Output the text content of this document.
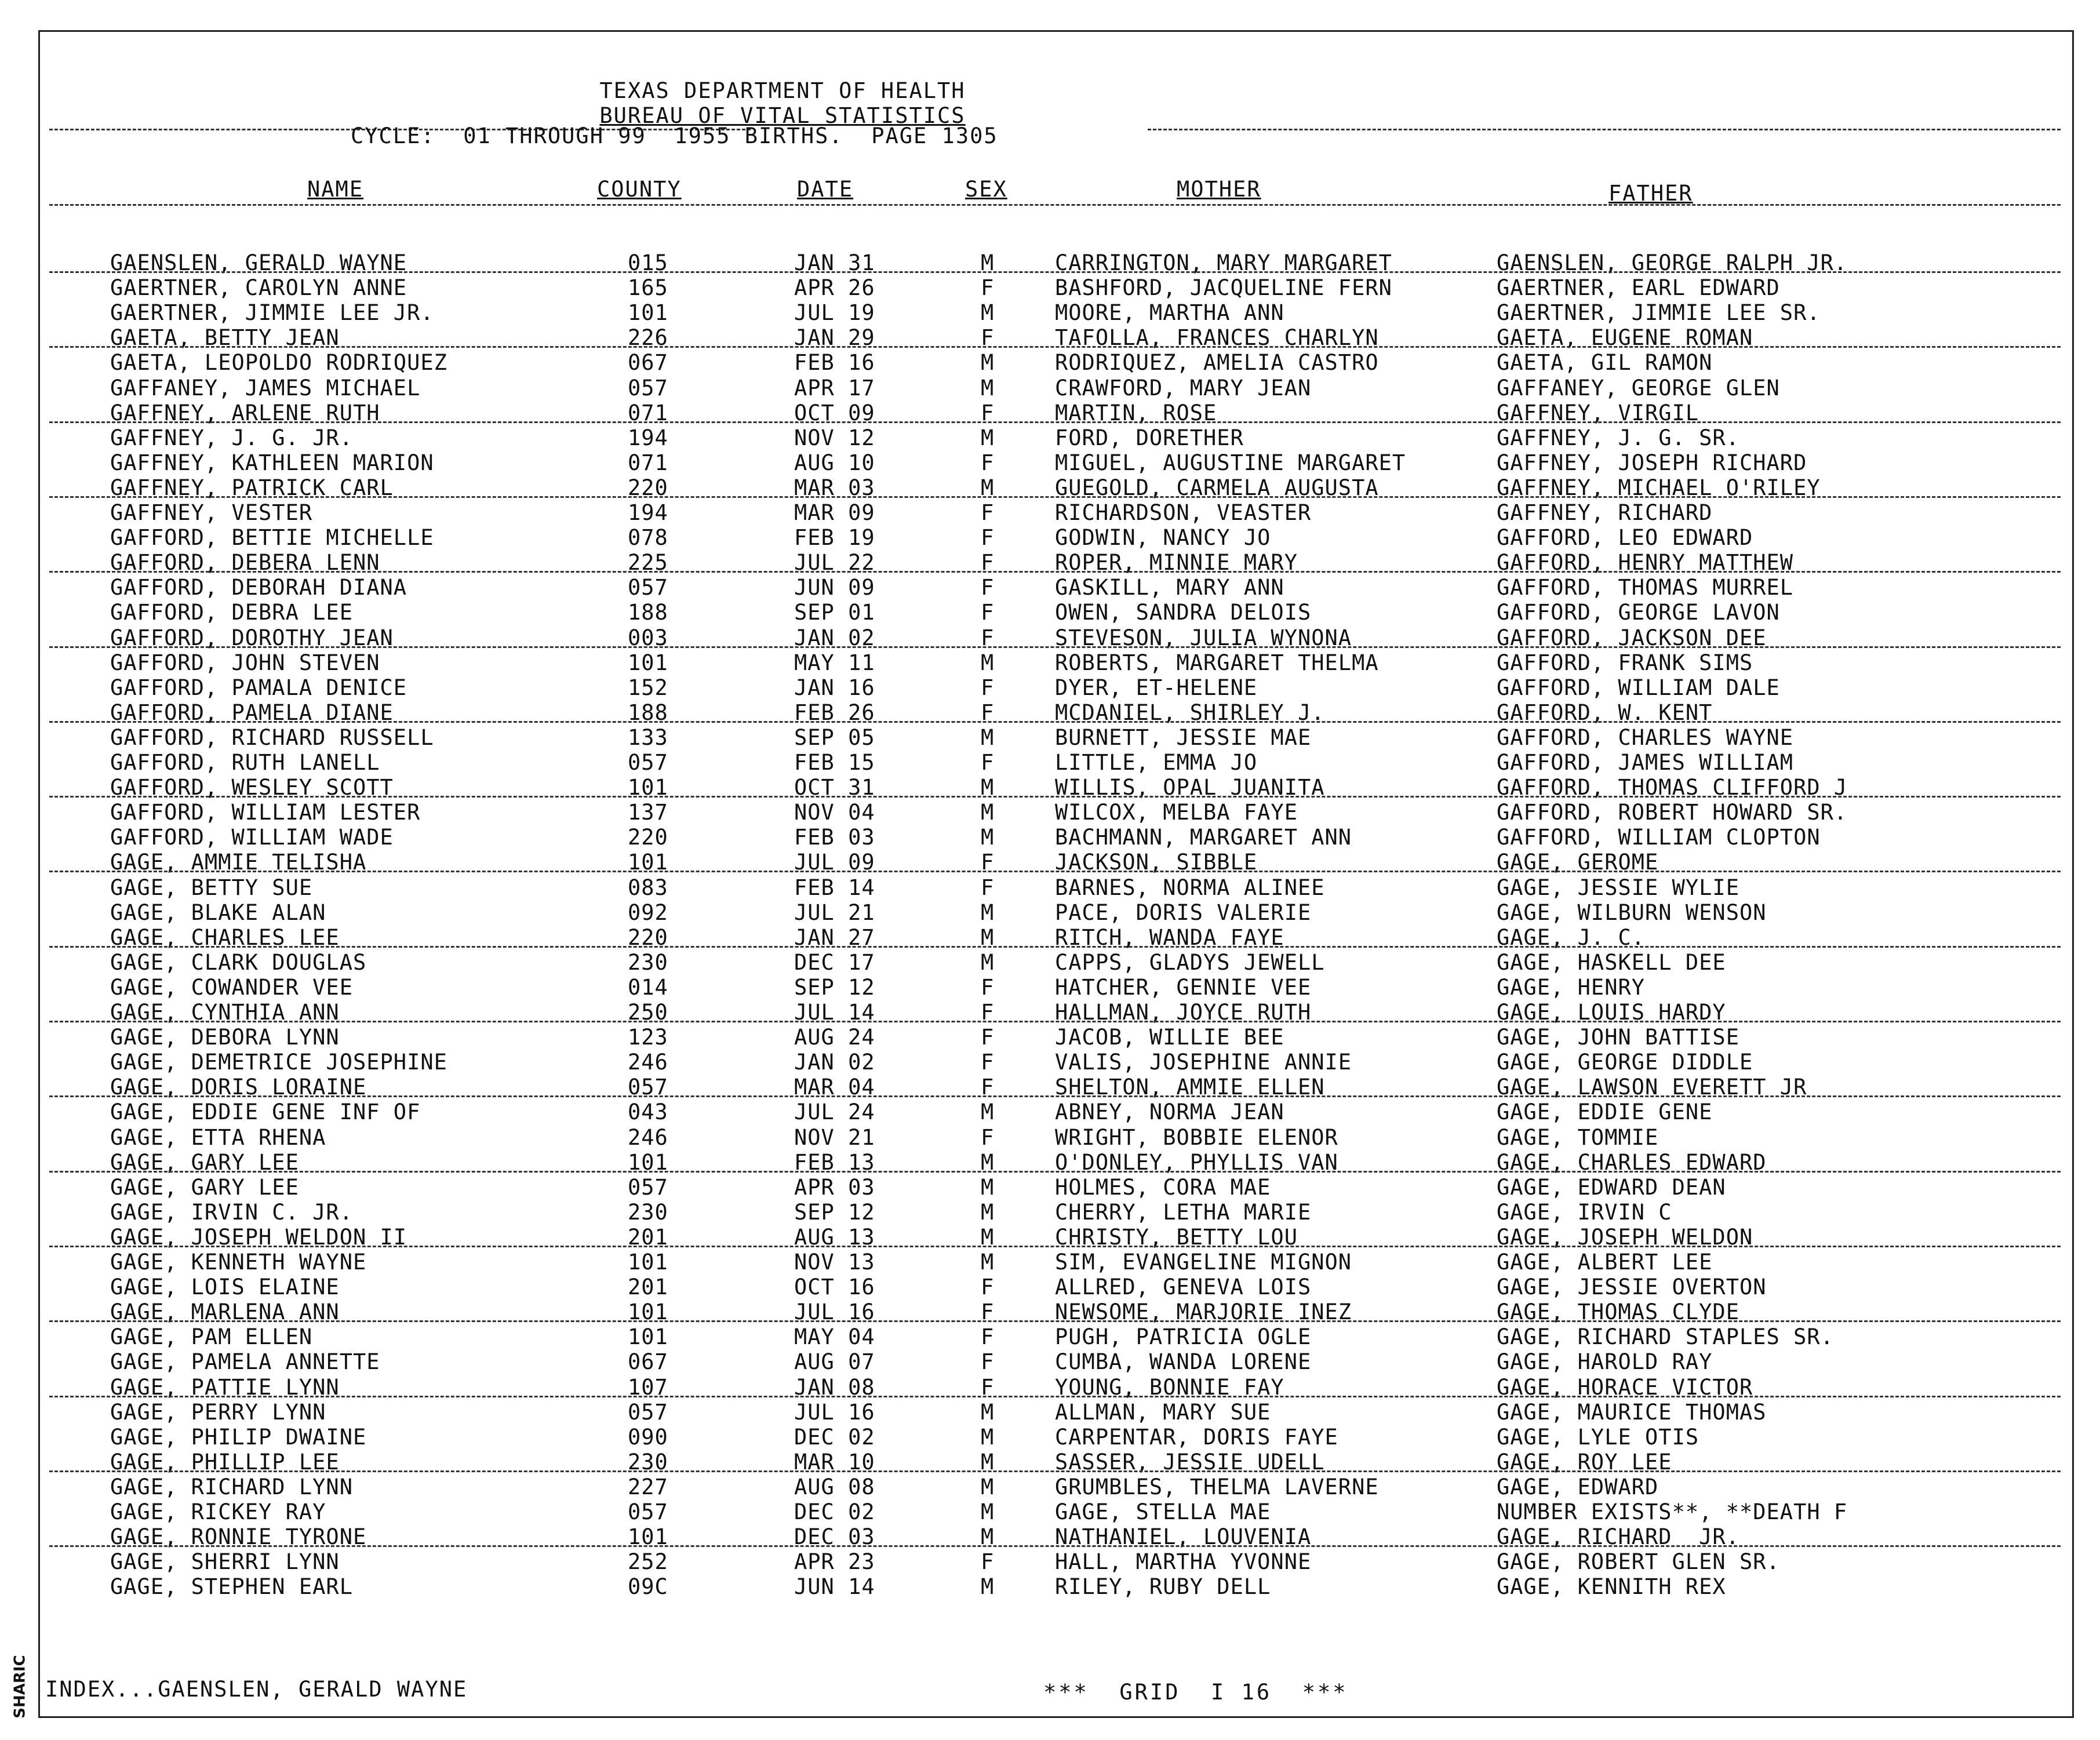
TEXAS DEPARTMENT OF HEALTH
BUREAU OF VITAL STATISTICS
CYCLE:  01 THROUGH 99  1955 BIRTHS.  PAGE 1305
NAME	COUNTY	DATE	SEX	MOTHER	FATHER
GAENSLEN, GERALD WAYNE	015	JAN 31	M	CARRINGTON, MARY MARGARET	GAENSLEN, GEORGE RALPH JR.
GAERTNER, CAROLYN ANNE	165	APR 26	F	BASHFORD, JACQUELINE FERN	GAERTNER, EARL EDWARD
GAERTNER, JIMMIE LEE JR.	101	JUL 19	M	MOORE, MARTHA ANN	GAERTNER, JIMMIE LEE SR.
GAETA, BETTY JEAN	226	JAN 29	F	TAFOLLA, FRANCES CHARLYN	GAETA, EUGENE ROMAN
GAETA, LEOPOLDO RODRIQUEZ	067	FEB 16	M	RODRIQUEZ, AMELIA CASTRO	GAETA, GIL RAMON
GAFFANEY, JAMES MICHAEL	057	APR 17	M	CRAWFORD, MARY JEAN	GAFFANEY, GEORGE GLEN
GAFFNEY, ARLENE RUTH	071	OCT 09	F	MARTIN, ROSE	GAFFNEY, VIRGIL
GAFFNEY, J. G. JR.	194	NOV 12	M	FORD, DORETHER	GAFFNEY, J. G. SR.
GAFFNEY, KATHLEEN MARION	071	AUG 10	F	MIGUEL, AUGUSTINE MARGARET	GAFFNEY, JOSEPH RICHARD
GAFFNEY, PATRICK CARL	220	MAR 03	M	GUEGOLD, CARMELA AUGUSTA	GAFFNEY, MICHAEL O'RILEY
GAFFNEY, VESTER	194	MAR 09	F	RICHARDSON, VEASTER	GAFFNEY, RICHARD
GAFFORD, BETTIE MICHELLE	078	FEB 19	F	GODWIN, NANCY JO	GAFFORD, LEO EDWARD
GAFFORD, DEBERA LENN	225	JUL 22	F	ROPER, MINNIE MARY	GAFFORD, HENRY MATTHEW
GAFFORD, DEBORAH DIANA	057	JUN 09	F	GASKILL, MARY ANN	GAFFORD, THOMAS MURREL
GAFFORD, DEBRA LEE	188	SEP 01	F	OWEN, SANDRA DELOIS	GAFFORD, GEORGE LAVON
GAFFORD, DOROTHY JEAN	003	JAN 02	F	STEVESON, JULIA WYNONA	GAFFORD, JACKSON DEE
GAFFORD, JOHN STEVEN	101	MAY 11	M	ROBERTS, MARGARET THELMA	GAFFORD, FRANK SIMS
GAFFORD, PAMALA DENICE	152	JAN 16	F	DYER, ET-HELENE	GAFFORD, WILLIAM DALE
GAFFORD, PAMELA DIANE	188	FEB 26	F	MCDANIEL, SHIRLEY J.	GAFFORD, W. KENT
GAFFORD, RICHARD RUSSELL	133	SEP 05	M	BURNETT, JESSIE MAE	GAFFORD, CHARLES WAYNE
GAFFORD, RUTH LANELL	057	FEB 15	F	LITTLE, EMMA JO	GAFFORD, JAMES WILLIAM
GAFFORD, WESLEY SCOTT	101	OCT 31	M	WILLIS, OPAL JUANITA	GAFFORD, THOMAS CLIFFORD J
GAFFORD, WILLIAM LESTER	137	NOV 04	M	WILCOX, MELBA FAYE	GAFFORD, ROBERT HOWARD SR.
GAFFORD, WILLIAM WADE	220	FEB 03	M	BACHMANN, MARGARET ANN	GAFFORD, WILLIAM CLOPTON
GAGE, AMMIE TELISHA	101	JUL 09	F	JACKSON, SIBBLE	GAGE, GEROME
GAGE, BETTY SUE	083	FEB 14	F	BARNES, NORMA ALINEE	GAGE, JESSIE WYLIE
GAGE, BLAKE ALAN	092	JUL 21	M	PACE, DORIS VALERIE	GAGE, WILBURN WENSON
GAGE, CHARLES LEE	220	JAN 27	M	RITCH, WANDA FAYE	GAGE, J. C.
GAGE, CLARK DOUGLAS	230	DEC 17	M	CAPPS, GLADYS JEWELL	GAGE, HASKELL DEE
GAGE, COWANDER VEE	014	SEP 12	F	HATCHER, GENNIE VEE	GAGE, HENRY
GAGE, CYNTHIA ANN	250	JUL 14	F	HALLMAN, JOYCE RUTH	GAGE, LOUIS HARDY
GAGE, DEBORA LYNN	123	AUG 24	F	JACOB, WILLIE BEE	GAGE, JOHN BATTISE
GAGE, DEMETRICE JOSEPHINE	246	JAN 02	F	VALIS, JOSEPHINE ANNIE	GAGE, GEORGE DIDDLE
GAGE, DORIS LORAINE	057	MAR 04	F	SHELTON, AMMIE ELLEN	GAGE, LAWSON EVERETT JR
GAGE, EDDIE GENE INF OF	043	JUL 24	M	ABNEY, NORMA JEAN	GAGE, EDDIE GENE
GAGE, ETTA RHENA	246	NOV 21	F	WRIGHT, BOBBIE ELENOR	GAGE, TOMMIE
GAGE, GARY LEE	101	FEB 13	M	O'DONLEY, PHYLLIS VAN	GAGE, CHARLES EDWARD
GAGE, GARY LEE	057	APR 03	M	HOLMES, CORA MAE	GAGE, EDWARD DEAN
GAGE, IRVIN C. JR.	230	SEP 12	M	CHERRY, LETHA MARIE	GAGE, IRVIN C
GAGE, JOSEPH WELDON II	201	AUG 13	M	CHRISTY, BETTY LOU	GAGE, JOSEPH WELDON
GAGE, KENNETH WAYNE	101	NOV 13	M	SIM, EVANGELINE MIGNON	GAGE, ALBERT LEE
GAGE, LOIS ELAINE	201	OCT 16	F	ALLRED, GENEVA LOIS	GAGE, JESSIE OVERTON
GAGE, MARLENA ANN	101	JUL 16	F	NEWSOME, MARJORIE INEZ	GAGE, THOMAS CLYDE
GAGE, PAM ELLEN	101	MAY 04	F	PUGH, PATRICIA OGLE	GAGE, RICHARD STAPLES SR.
GAGE, PAMELA ANNETTE	067	AUG 07	F	CUMBA, WANDA LORENE	GAGE, HAROLD RAY
GAGE, PATTIE LYNN	107	JAN 08	F	YOUNG, BONNIE FAY	GAGE, HORACE VICTOR
GAGE, PERRY LYNN	057	JUL 16	M	ALLMAN, MARY SUE	GAGE, MAURICE THOMAS
GAGE, PHILIP DWAINE	090	DEC 02	M	CARPENTAR, DORIS FAYE	GAGE, LYLE OTIS
GAGE, PHILLIP LEE	230	MAR 10	M	SASSER, JESSIE UDELL	GAGE, ROY LEE
GAGE, RICHARD LYNN	227	AUG 08	M	GRUMBLES, THELMA LAVERNE	GAGE, EDWARD
GAGE, RICKEY RAY	057	DEC 02	M	GAGE, STELLA MAE	NUMBER EXISTS**, **DEATH F
GAGE, RONNIE TYRONE	101	DEC 03	M	NATHANIEL, LOUVENIA	GAGE, RICHARD  JR.
GAGE, SHERRI LYNN	252	APR 23	F	HALL, MARTHA YVONNE	GAGE, ROBERT GLEN SR.
GAGE, STEPHEN EARL	09C	JUN 14	M	RILEY, RUBY DELL	GAGE, KENNITH REX
INDEX...GAENSLEN, GERALD WAYNE	***  GRID  I 16  ***
SHARIC
